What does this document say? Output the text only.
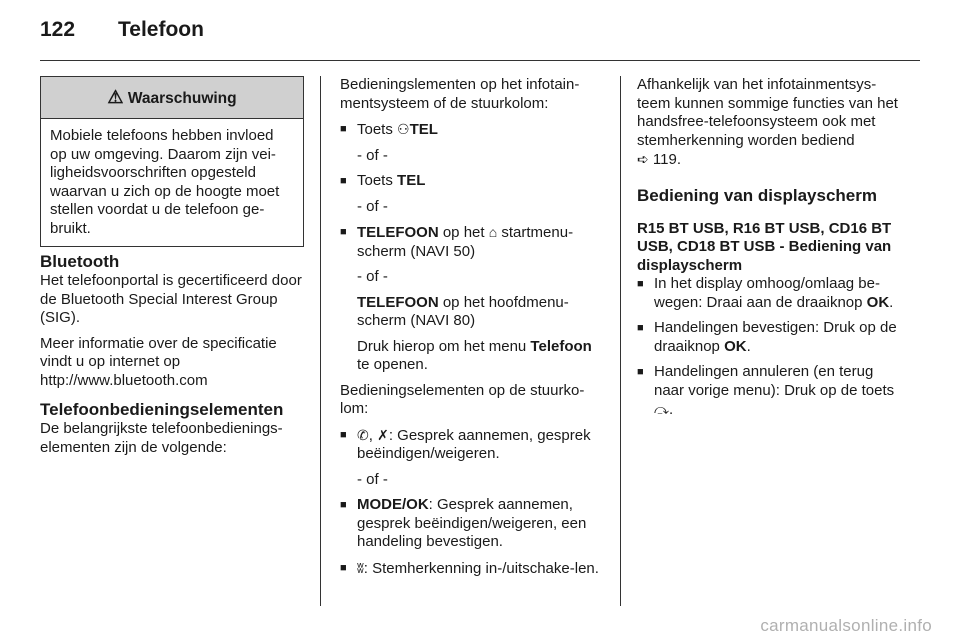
122 Telefoon
⚠ Waarschuwing
Mobiele telefoons hebben invloed op uw omgeving. Daarom zijn vei-ligheidsvoorschriften opgesteld waarvan u zich op de hoogte moet stellen voordat u de telefoon ge-bruikt.
Bluetooth

Het telefoonportal is gecertificeerd door de Bluetooth Special Interest Group (SIG).

Meer informatie over de specificatie vindt u op internet op http://www.bluetooth.com

Telefoonbedieningselementen

De belangrijkste telefoonbedienings-elementen zijn de volgende:

Bedieningslementen op het infotain-mentsysteem of de stuurkolom:

■ Toets ⚇TEL
- of -
■ Toets TEL
- of -
■ TELEFOON op het ⌂ startmenu-scherm (NAVI 50)
- of -
TELEFOON op het hoofdmenu-scherm (NAVI 80)
Druk hierop om het menu Telefoon te openen.

Bedieningselementen op de stuurko-lom:

■ ✆, ✗: Gesprek aannemen, gesprek beëindigen/weigeren.
- of -
■ MODE/OK: Gesprek aannemen, gesprek beëindigen/weigeren, een handeling bevestigen.
■ ʬ: Stemherkenning in-/uitschake-len.

Afhankelijk van het infotainmentsys-teem kunnen sommige functies van het handsfree-telefoonsysteem ook met stemherkenning worden bediend
➪ 119.

Bediening van displayscherm
R15 BT USB, R16 BT USB, CD16 BT USB, CD18 BT USB - Bediening van displayscherm
■ In het display omhoog/omlaag be-wegen: Draai aan de draaiknop OK.
■ Handelingen bevestigen: Druk op de draaiknop OK.
■ Handelingen annuleren (en terug naar vorige menu): Druk op de toets ⤼.
carmanualsonline.info
